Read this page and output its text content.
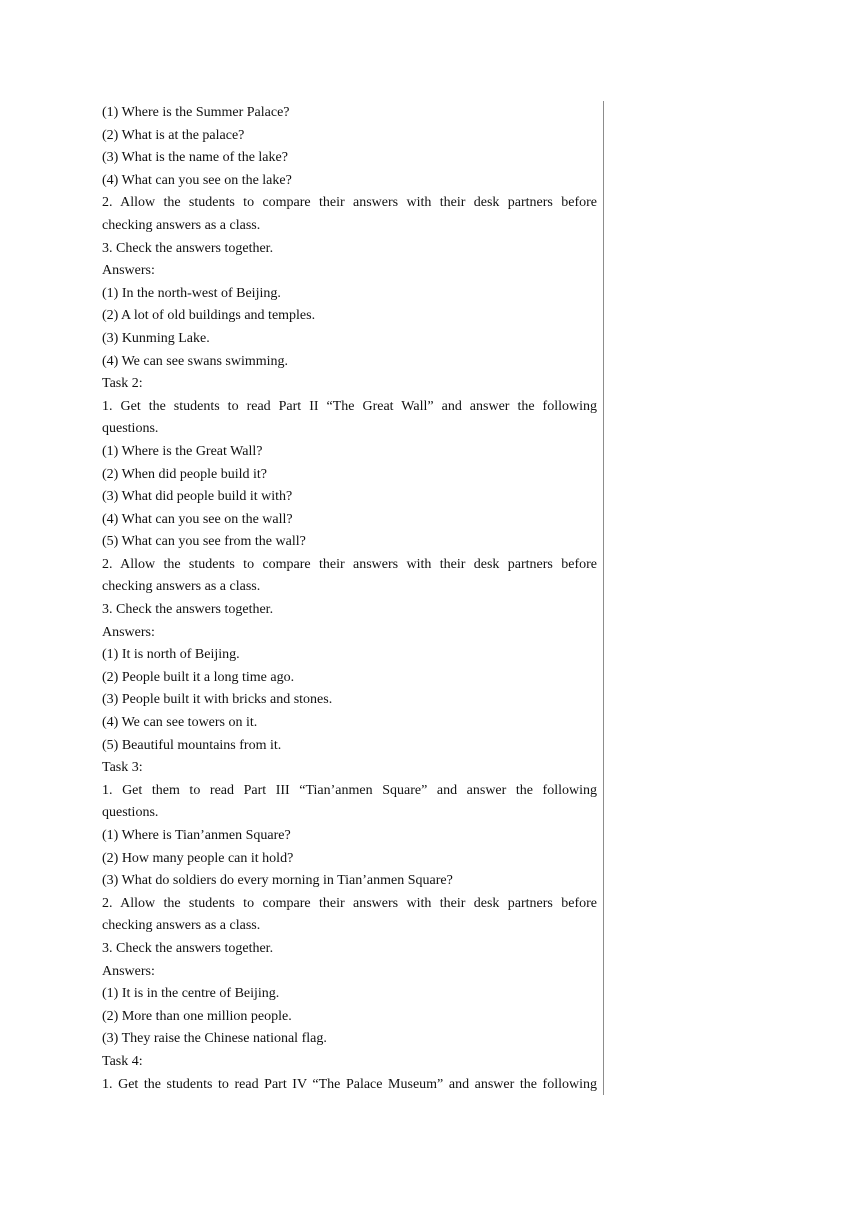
(1) Where is the Summer Palace?
(2) What is at the palace?
(3) What is the name of the lake?
(4) What can you see on the lake?
2. Allow the students to compare their answers with their desk partners before
checking answers as a class.
3. Check the answers together.
Answers:
(1) In the north-west of Beijing.
(2) A lot of old buildings and temples.
(3) Kunming Lake.
(4) We can see swans swimming.
Task 2:
1. Get the students to read Part II “The Great Wall” and answer the following
questions.
(1) Where is the Great Wall?
(2) When did people build it?
(3) What did people build it with?
(4) What can you see on the wall?
(5) What can you see from the wall?
2. Allow the students to compare their answers with their desk partners before
checking answers as a class.
3. Check the answers together.
Answers:
(1) It is north of Beijing.
(2) People built it a long time ago.
(3) People built it with bricks and stones.
(4) We can see towers on it.
(5) Beautiful mountains from it.
Task 3:
1. Get them to read Part III “Tian’anmen Square” and answer the following
questions.
(1) Where is Tian’anmen Square?
(2) How many people can it hold?
(3) What do soldiers do every morning in Tian’anmen Square?
2. Allow the students to compare their answers with their desk partners before
checking answers as a class.
3. Check the answers together.
Answers:
(1) It is in the centre of Beijing.
(2) More than one million people.
(3) They raise the Chinese national flag.
Task 4:
1. Get the students to read Part IV “The Palace Museum” and answer the following
